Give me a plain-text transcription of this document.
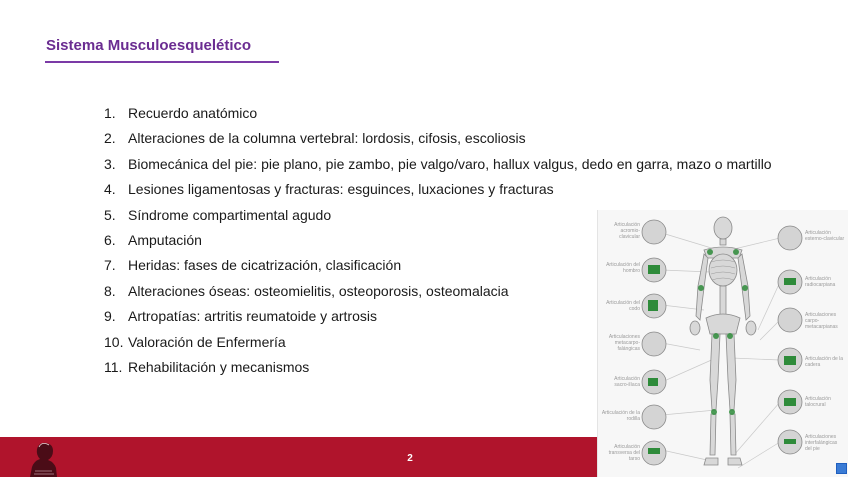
Sistema Musculoesquelético
1. Recuerdo anatómico
2. Alteraciones de la columna vertebral: lordosis, cifosis, escoliosis
3. Biomecánica del pie: pie plano, pie zambo, pie valgo/varo, hallux valgus, dedo en garra, mazo o martillo
4. Lesiones ligamentosas y fracturas: esguinces, luxaciones y fracturas
5. Síndrome compartimental agudo
6. Amputación
7. Heridas: fases de cicatrización, clasificación
8. Alteraciones óseas: osteomielitis, osteoporosis, osteomalacia
9. Artropatías: artritis reumatoide y artrosis
10. Valoración de Enfermería
11. Rehabilitación y mecanismos
2
Articulación acromio-clavicular
Articulación del hombro
Articulación del codo
Articulaciones metacarpo-falángicas
Articulación sacro-ilíaca
Articulación de la rodilla
Articulación transversa del tarso
Articulación esterno-clavicular
Articulación radiocarpiana
Articulaciones carpo-metacarpianas
Articulación de la cadera
Articulación talocrural
Articulaciones interfalángicas del pie
